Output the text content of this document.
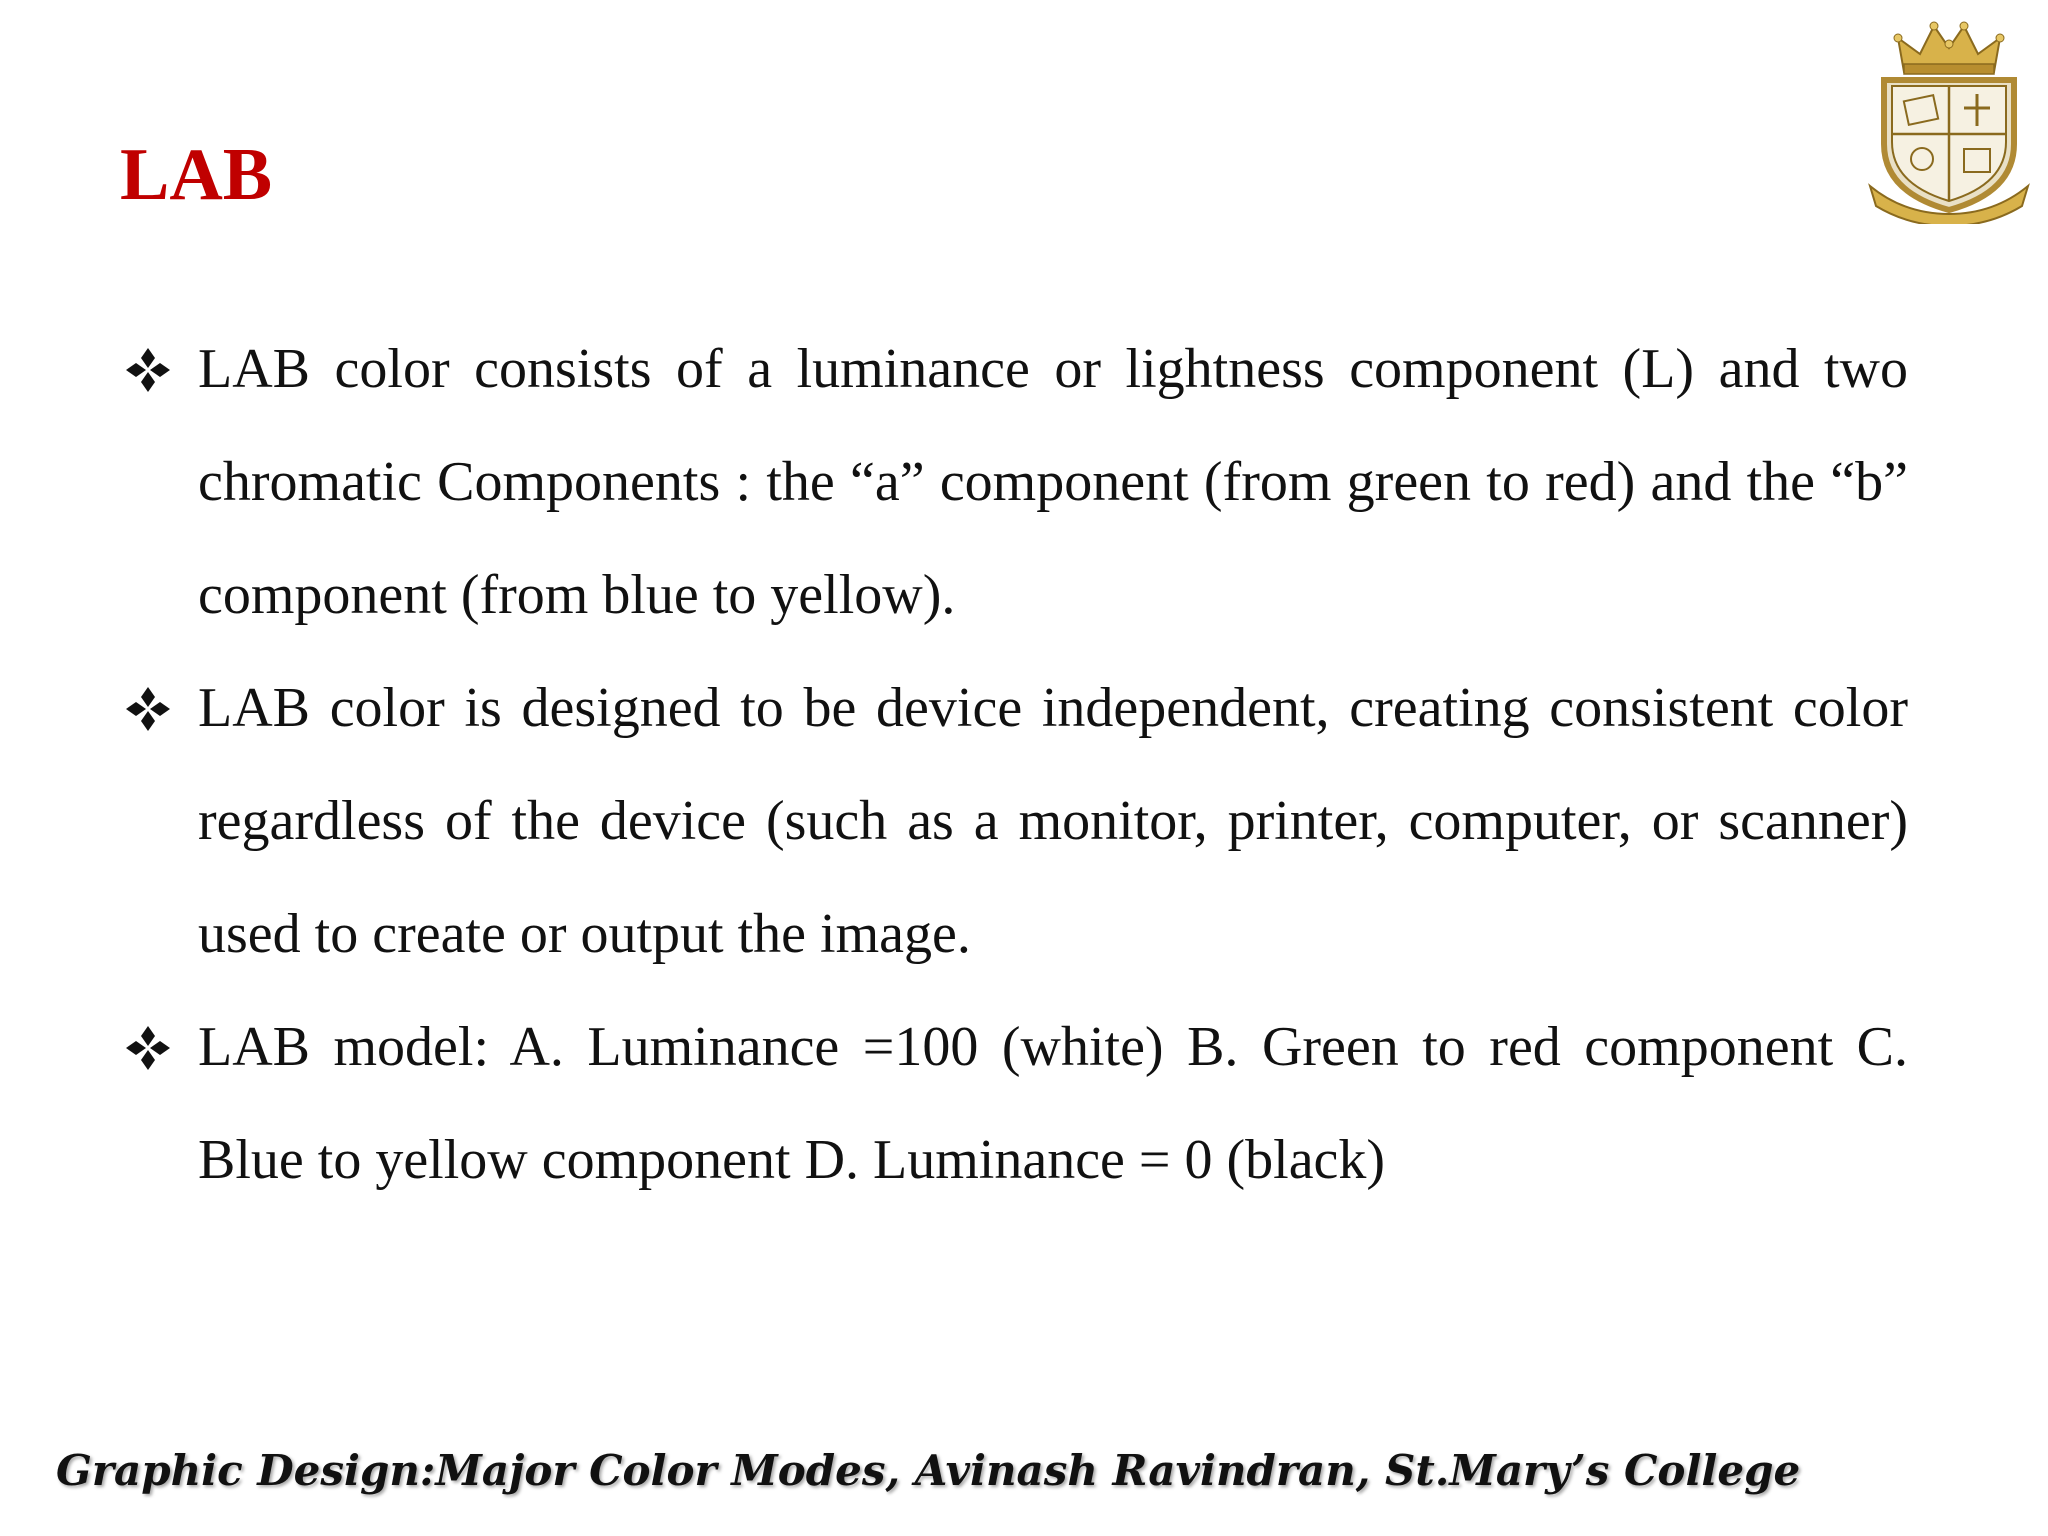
LAB
LAB color consists of a luminance or lightness component (L) and two chromatic Components : the “a” component (from green to red) and the “b” component (from blue to yellow).
LAB color is designed to be device independent, creating consistent color regardless of the device (such as a monitor, printer, computer, or scanner) used to create or output the image.
LAB model: A. Luminance =100 (white) B. Green to red component C. Blue to yellow component D. Luminance = 0 (black)
Graphic Design:Major Color Modes, Avinash Ravindran, St.Mary’s College
